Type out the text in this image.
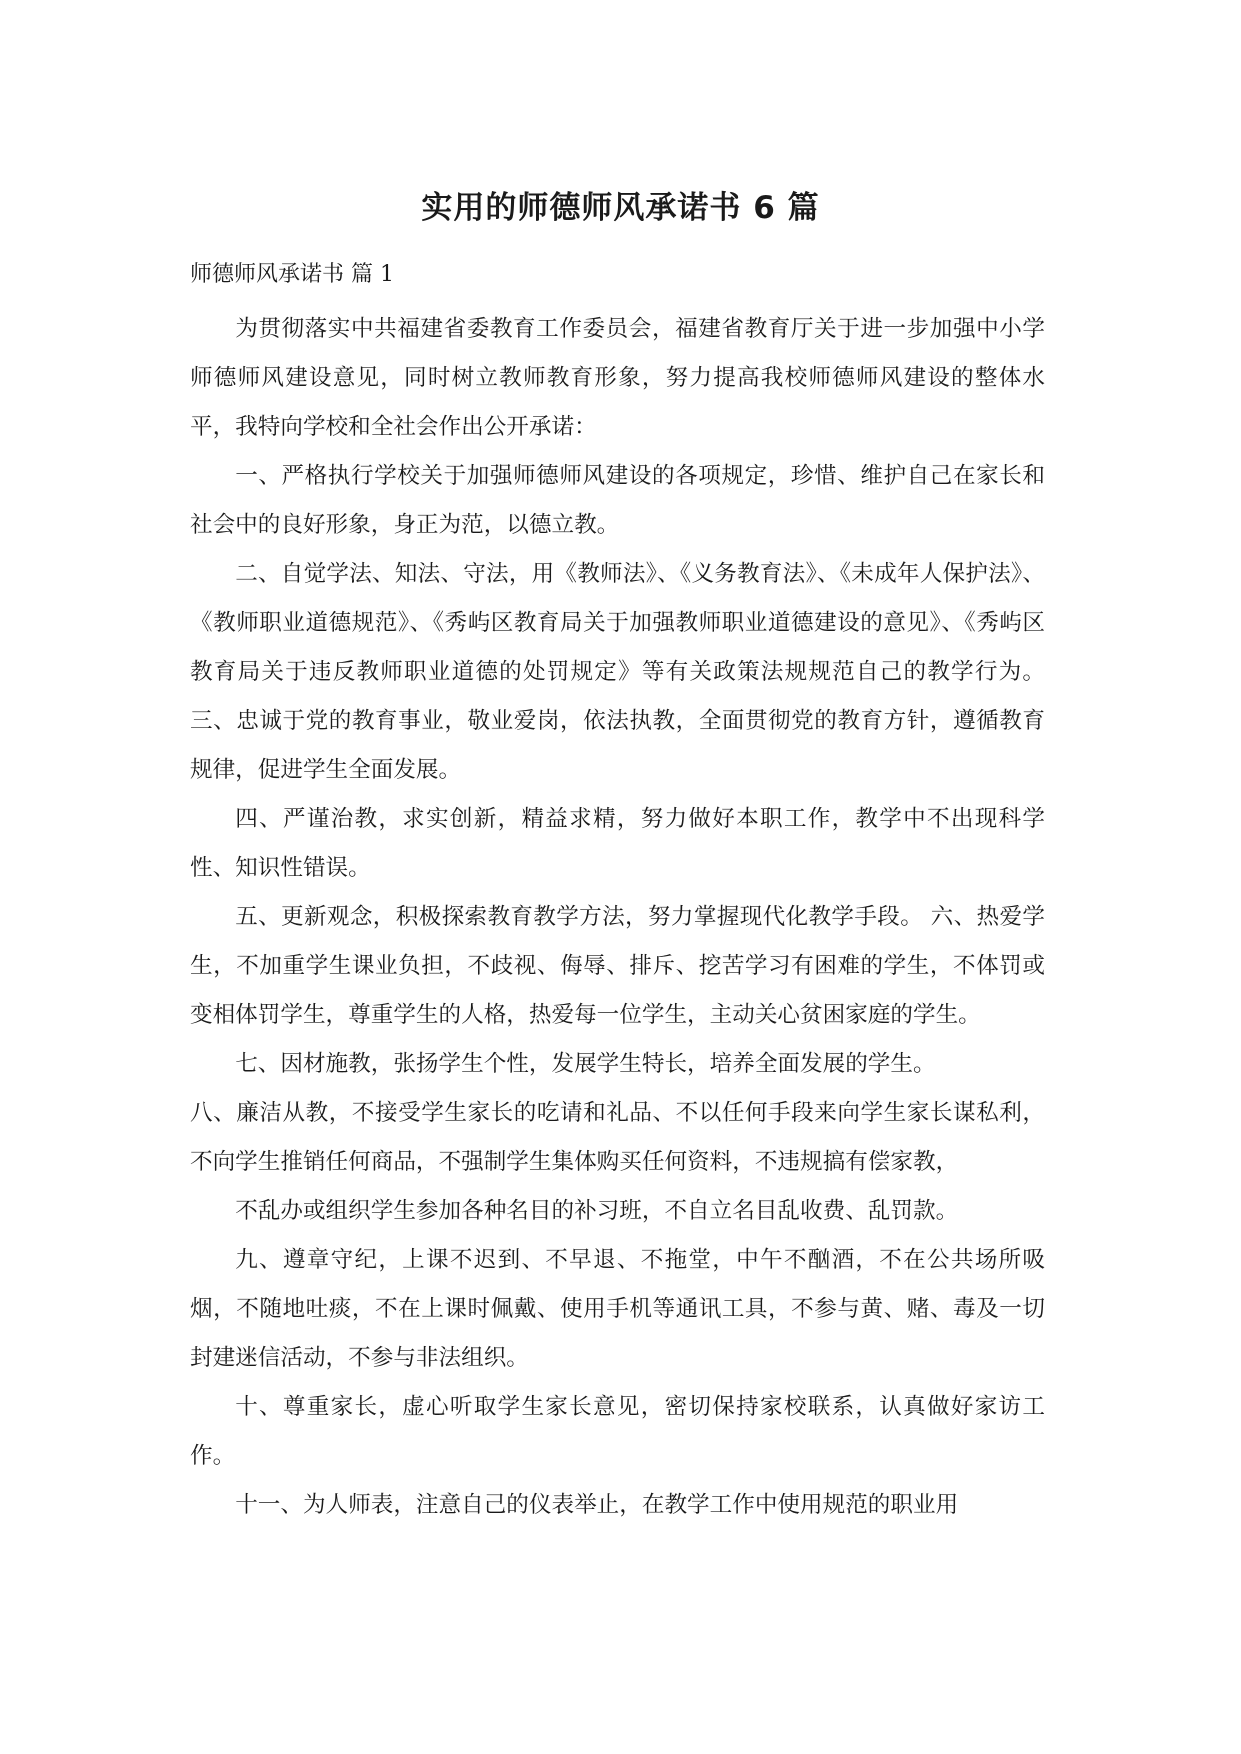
实用的师德师风承诺书 6 篇

师德师风承诺书 篇 1

为贯彻落实中共福建省委教育工作委员会，福建省教育厅关于进一步加强中小学师德师风建设意见，同时树立教师教育形象，努力提高我校师德师风建设的整体水平，我特向学校和全社会作出公开承诺：

一、严格执行学校关于加强师德师风建设的各项规定，珍惜、维护自己在家长和社会中的良好形象，身正为范，以德立教。

二、自觉学法、知法、守法，用《教师法》、《义务教育法》、《未成年人保护法》、《教师职业道德规范》、《秀屿区教育局关于加强教师职业道德建设的意见》、《秀屿区教育局关于违反教师职业道德的处罚规定》等有关政策法规规范自己的教学行为。三、忠诚于党的教育事业，敬业爱岗，依法执教，全面贯彻党的教育方针，遵循教育规律，促进学生全面发展。

四、严谨治教，求实创新，精益求精，努力做好本职工作，教学中不出现科学性、知识性错误。

五、更新观念，积极探索教育教学方法，努力掌握现代化教学手段。 六、热爱学生，不加重学生课业负担，不歧视、侮辱、排斥、挖苦学习有困难的学生，不体罚或变相体罚学生，尊重学生的人格，热爱每一位学生，主动关心贫困家庭的学生。

七、因材施教，张扬学生个性，发展学生特长，培养全面发展的学生。

八、廉洁从教，不接受学生家长的吃请和礼品、不以任何手段来向学生家长谋私利，不向学生推销任何商品，不强制学生集体购买任何资料，不违规搞有偿家教，

不乱办或组织学生参加各种名目的补习班，不自立名目乱收费、乱罚款。

九、遵章守纪，上课不迟到、不早退、不拖堂，中午不酗酒，不在公共场所吸烟，不随地吐痰，不在上课时佩戴、使用手机等通讯工具，不参与黄、赌、毒及一切封建迷信活动，不参与非法组织。

十、尊重家长，虚心听取学生家长意见，密切保持家校联系，认真做好家访工作。

十一、为人师表，注意自己的仪表举止，在教学工作中使用规范的职业用
